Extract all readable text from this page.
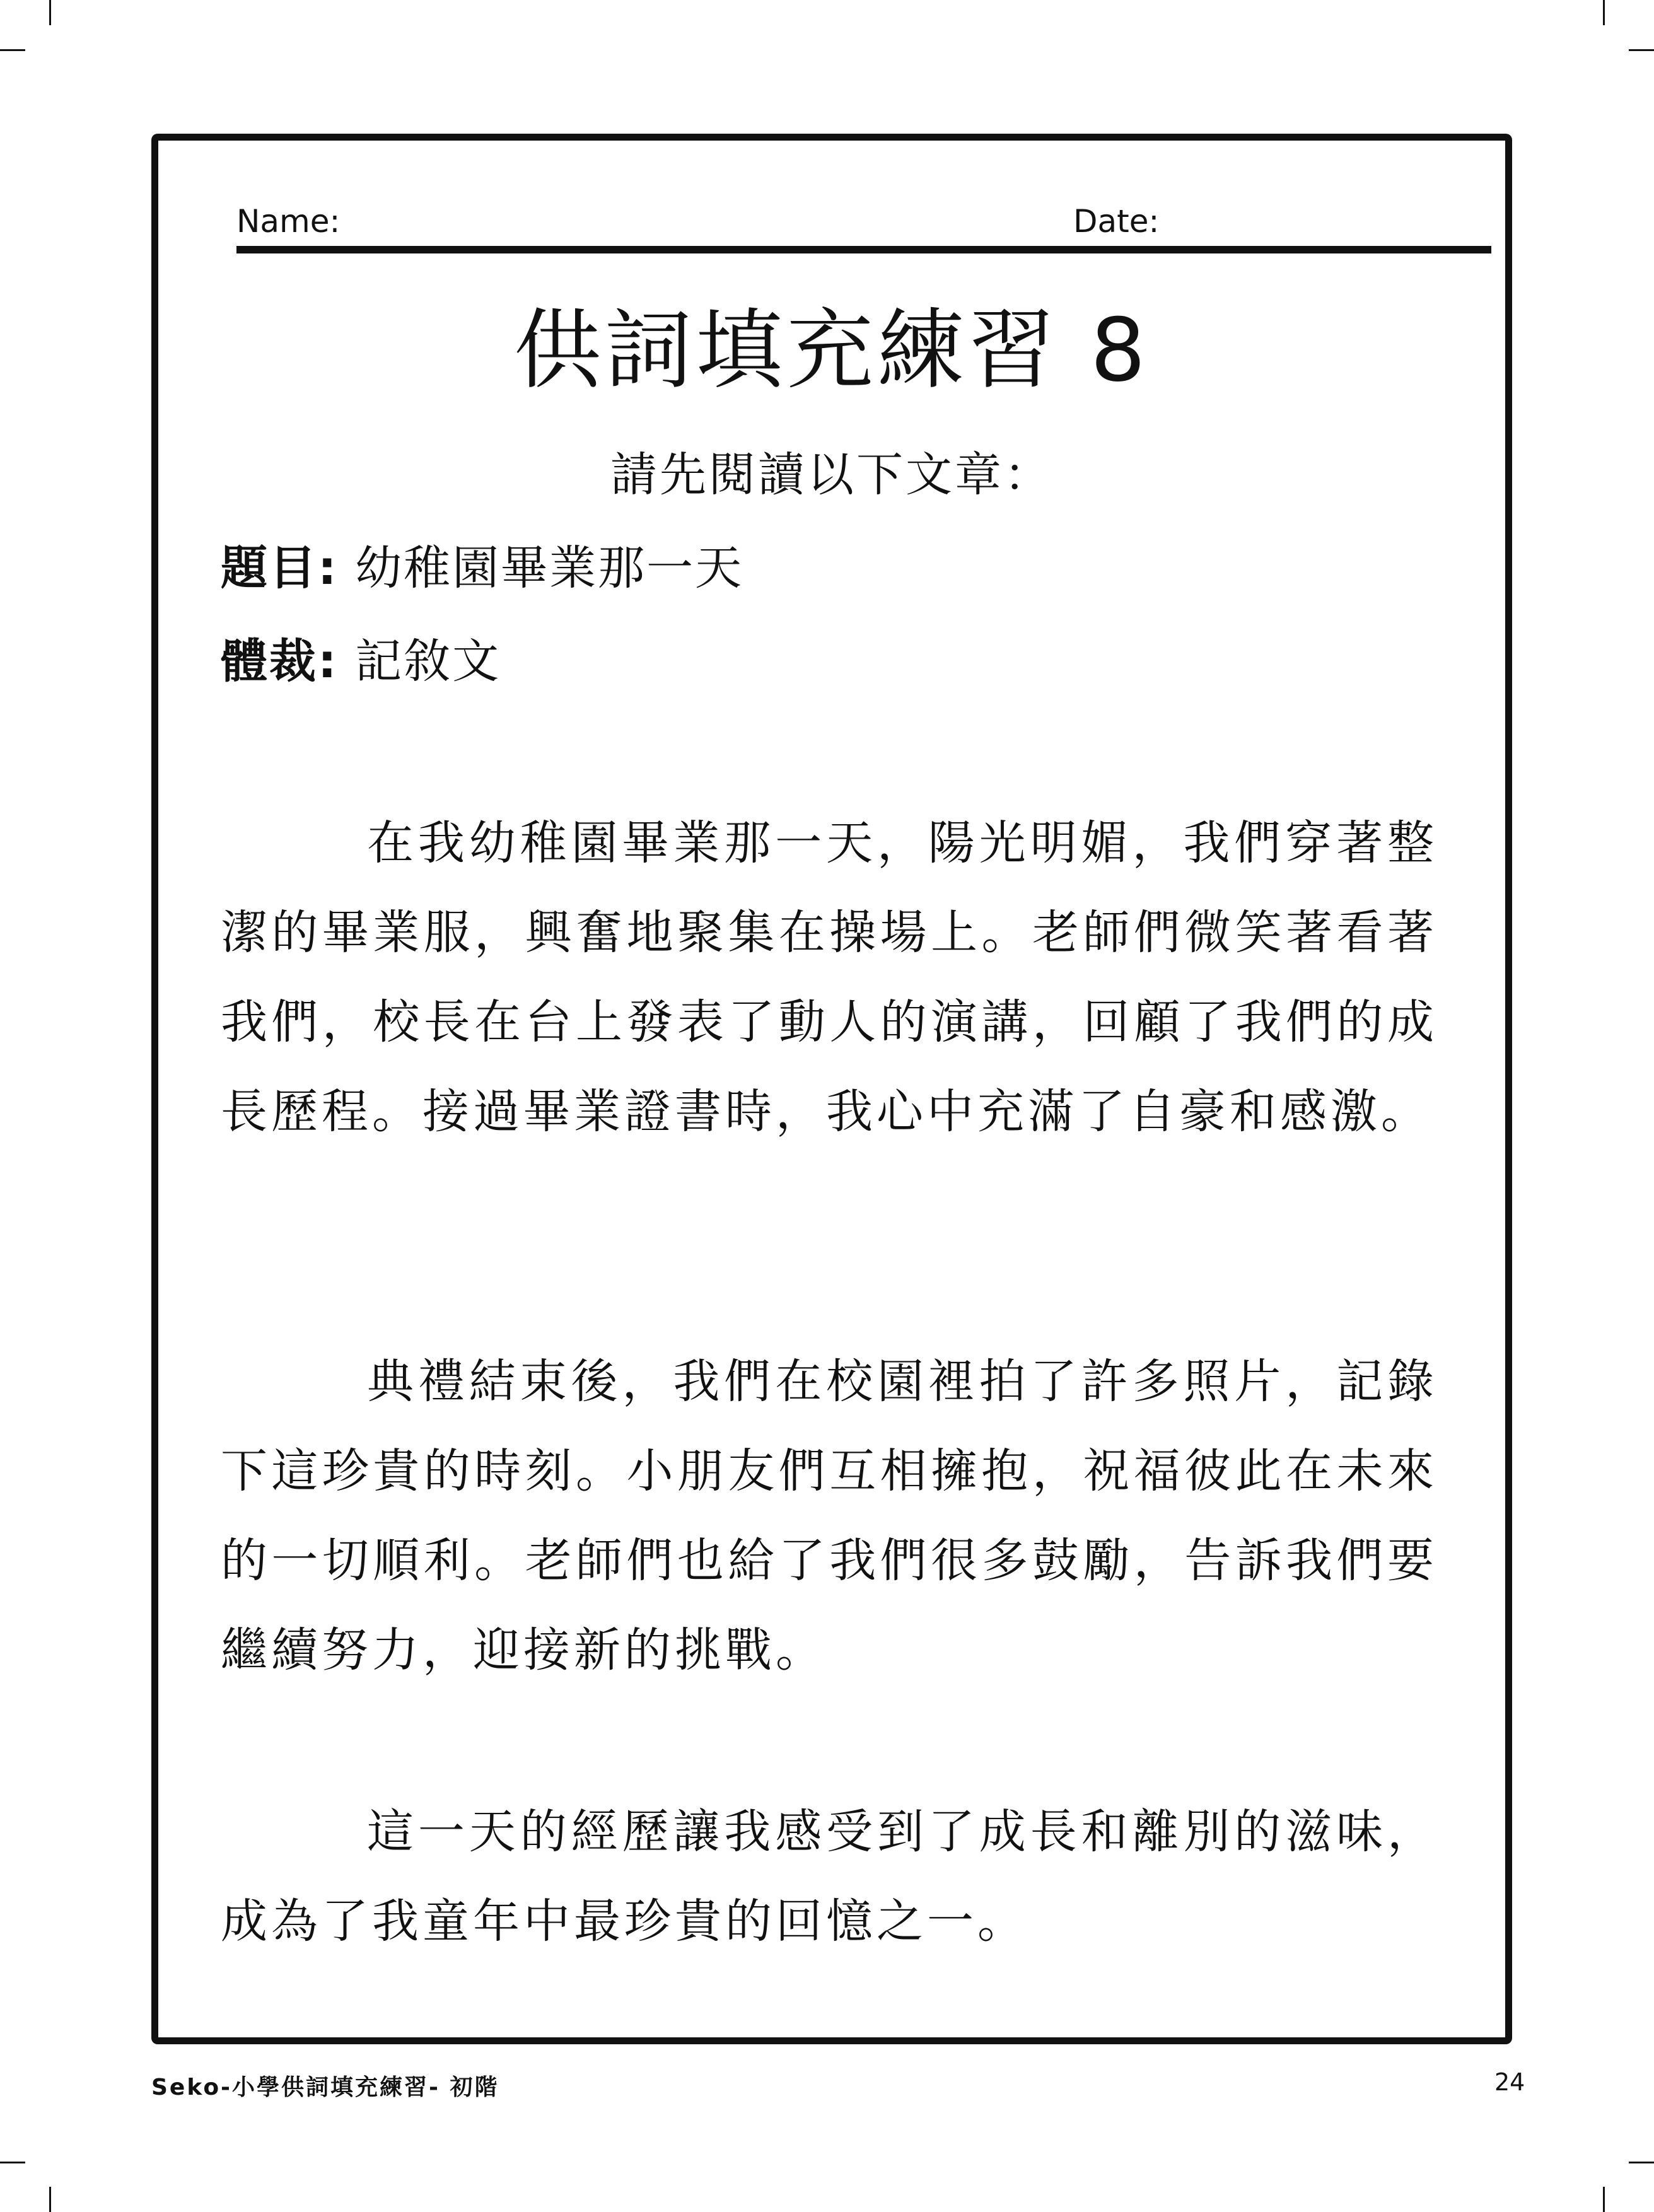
Name:	Date:
供詞填充練習 8
請先閱讀以下文章：
題目: 幼稚園畢業那一天
體裁: 記敘文

在我幼稚園畢業那一天，陽光明媚，我們穿著整潔的畢業服，興奮地聚集在操場上。老師們微笑著看著我們，校長在台上發表了動人的演講，回顧了我們的成長歷程。接過畢業證書時，我心中充滿了自豪和感激。

典禮結束後，我們在校園裡拍了許多照片，記錄下這珍貴的時刻。小朋友們互相擁抱，祝福彼此在未來的一切順利。老師們也給了我們很多鼓勵，告訴我們要繼續努力，迎接新的挑戰。

這一天的經歷讓我感受到了成長和離別的滋味，成為了我童年中最珍貴的回憶之一。

Seko-小學供詞填充練習- 初階	24
